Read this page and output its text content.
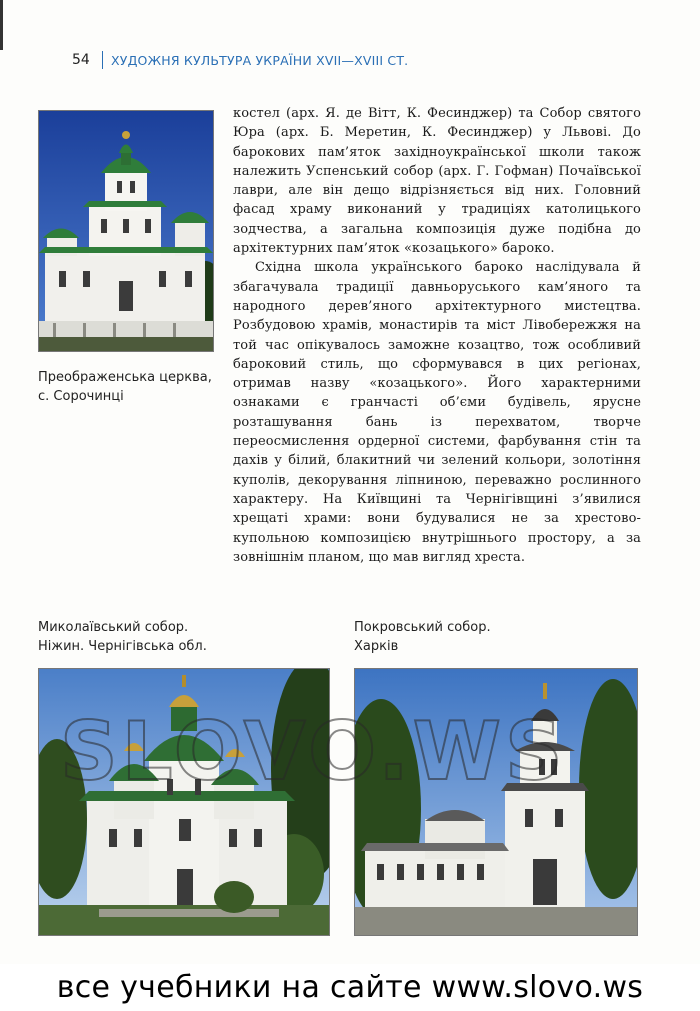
54	ХУДОЖНЯ КУЛЬТУРА УКРАЇНИ XVII—XVIII СТ.
Преображенська церква,
с. Сорочинці

костел (арх. Я. де Вітт, К. Фесинджер) та Собор святого Юра (арх. Б. Меретин, К. Фесинджер) у Львові. До барокових пам’яток західноукраїнської школи також належить Успенський собор (арх. Г. Гофман) Почаївської лаври, але він дещо відрізняється від них. Головний фасад храму виконаний у традиціях католицького зодчества, а загальна композиція дуже подібна до архітектурних пам’яток «козацького» бароко.

Східна школа українського бароко наслідувала й збагачувала традиції давньоруського кам’яного та народного дерев’яного архітектурного мистецтва. Розбудовою храмів, монастирів та міст Лівобережжя на той час опікувалось заможне козацтво, тож особливий бароковий стиль, що сформувався в цих регіонах, отримав назву «козацького». Його характерними ознаками є гранчасті об’єми будівель, ярусне розташування бань із перехватом, творче переосмислення ордерної системи, фарбування стін та дахів у білий, блакитний чи зелений кольори, золотіння куполів, декорування ліпниною, переважно рослинного характеру. На Київщині та Чернігівщині з’явилися хрещаті храми: вони будувалися не за хрестово-купольною композицією внутрішнього простору, а за зовнішнім планом, що мав вигляд хреста.

Миколаївський собор.
Ніжин. Чернігівська обл.
Покровський собор.
Харків
все учебники на сайте www.slovo.ws
